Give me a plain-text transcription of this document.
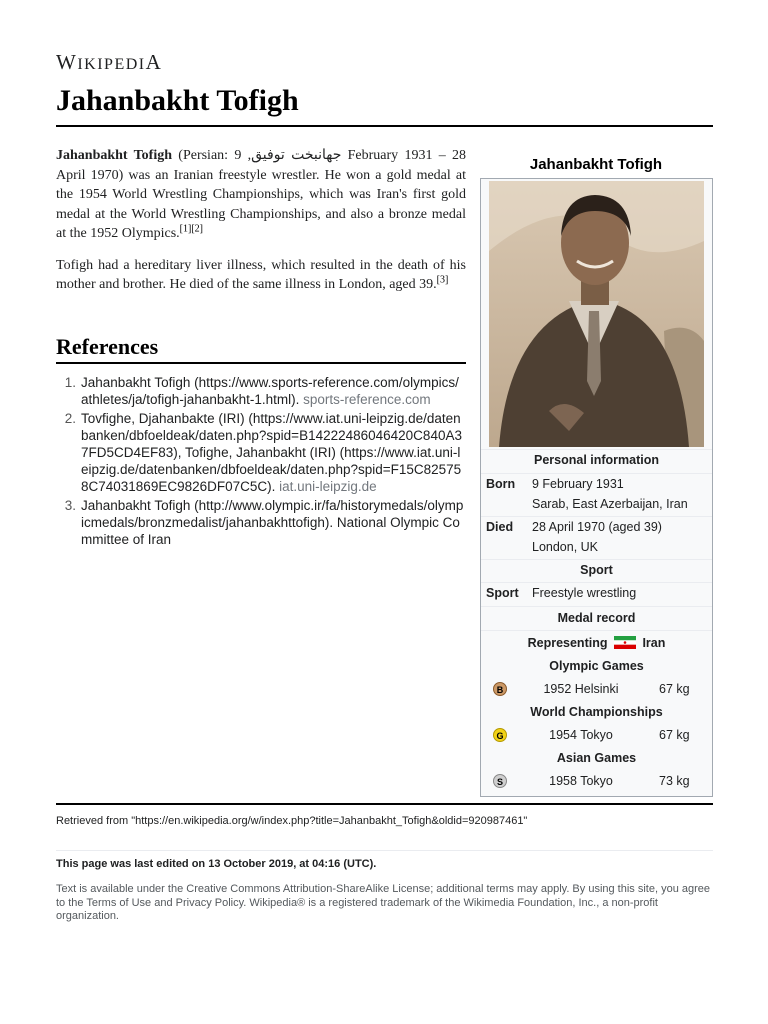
WIKIPEDIA
Jahanbakht Tofigh

Jahanbakht Tofigh (Persian: جهانبخت توفیق, 9 February 1931 – 28 April 1970) was an Iranian freestyle wrestler. He won a gold medal at the 1954 World Wrestling Championships, which was Iran's first gold medal at the World Wrestling Championships, and also a bronze medal at the 1952 Olympics.[1][2]

Tofigh had a hereditary liver illness, which resulted in the death of his mother and brother. He died of the same illness in London, aged 39.[3]

References
1. Jahanbakht Tofigh (https://www.sports-reference.com/olympics/athletes/ja/tofigh-jahanbakht-1.html). sports-reference.com
2. Tovfighe, Djahanbakte (IRI) (https://www.iat.uni-leipzig.de/datenbanken/dbfoeldeak/daten.php?spid=B14222486046420C840A37FD5CD4EF83), Tofighe, Jahanbakht (IRI) (https://www.iat.uni-leipzig.de/datenbanken/dbfoeldeak/daten.php?spid=F15C825758C74031869EC9826DF07C5C). iat.uni-leipzig.de
3. Jahanbakht Tofigh (http://www.olympic.ir/fa/historymedals/olympicmedals/bronzmedalist/jahanbakhttofigh). National Olympic Committee of Iran
Jahanbakht Tofigh
Personal information
Born 9 February 1931
Sarab, East Azerbaijan, Iran
Died 28 April 1970 (aged 39)
London, UK
Sport
Sport Freestyle wrestling
Medal record
Representing	Iran
Olympic Games
B	1952 Helsinki	67 kg
World Championships
G	1954 Tokyo	67 kg
Asian Games
S	1958 Tokyo	73 kg
Retrieved from "https://en.wikipedia.org/w/index.php?title=Jahanbakht_Tofigh&oldid=920987461"
This page was last edited on 13 October 2019, at 04:16 (UTC).
Text is available under the Creative Commons Attribution-ShareAlike License; additional terms may apply. By using this site, you agree to the Terms of Use and Privacy Policy. Wikipedia® is a registered trademark of the Wikimedia Foundation, Inc., a non-profit organization.
